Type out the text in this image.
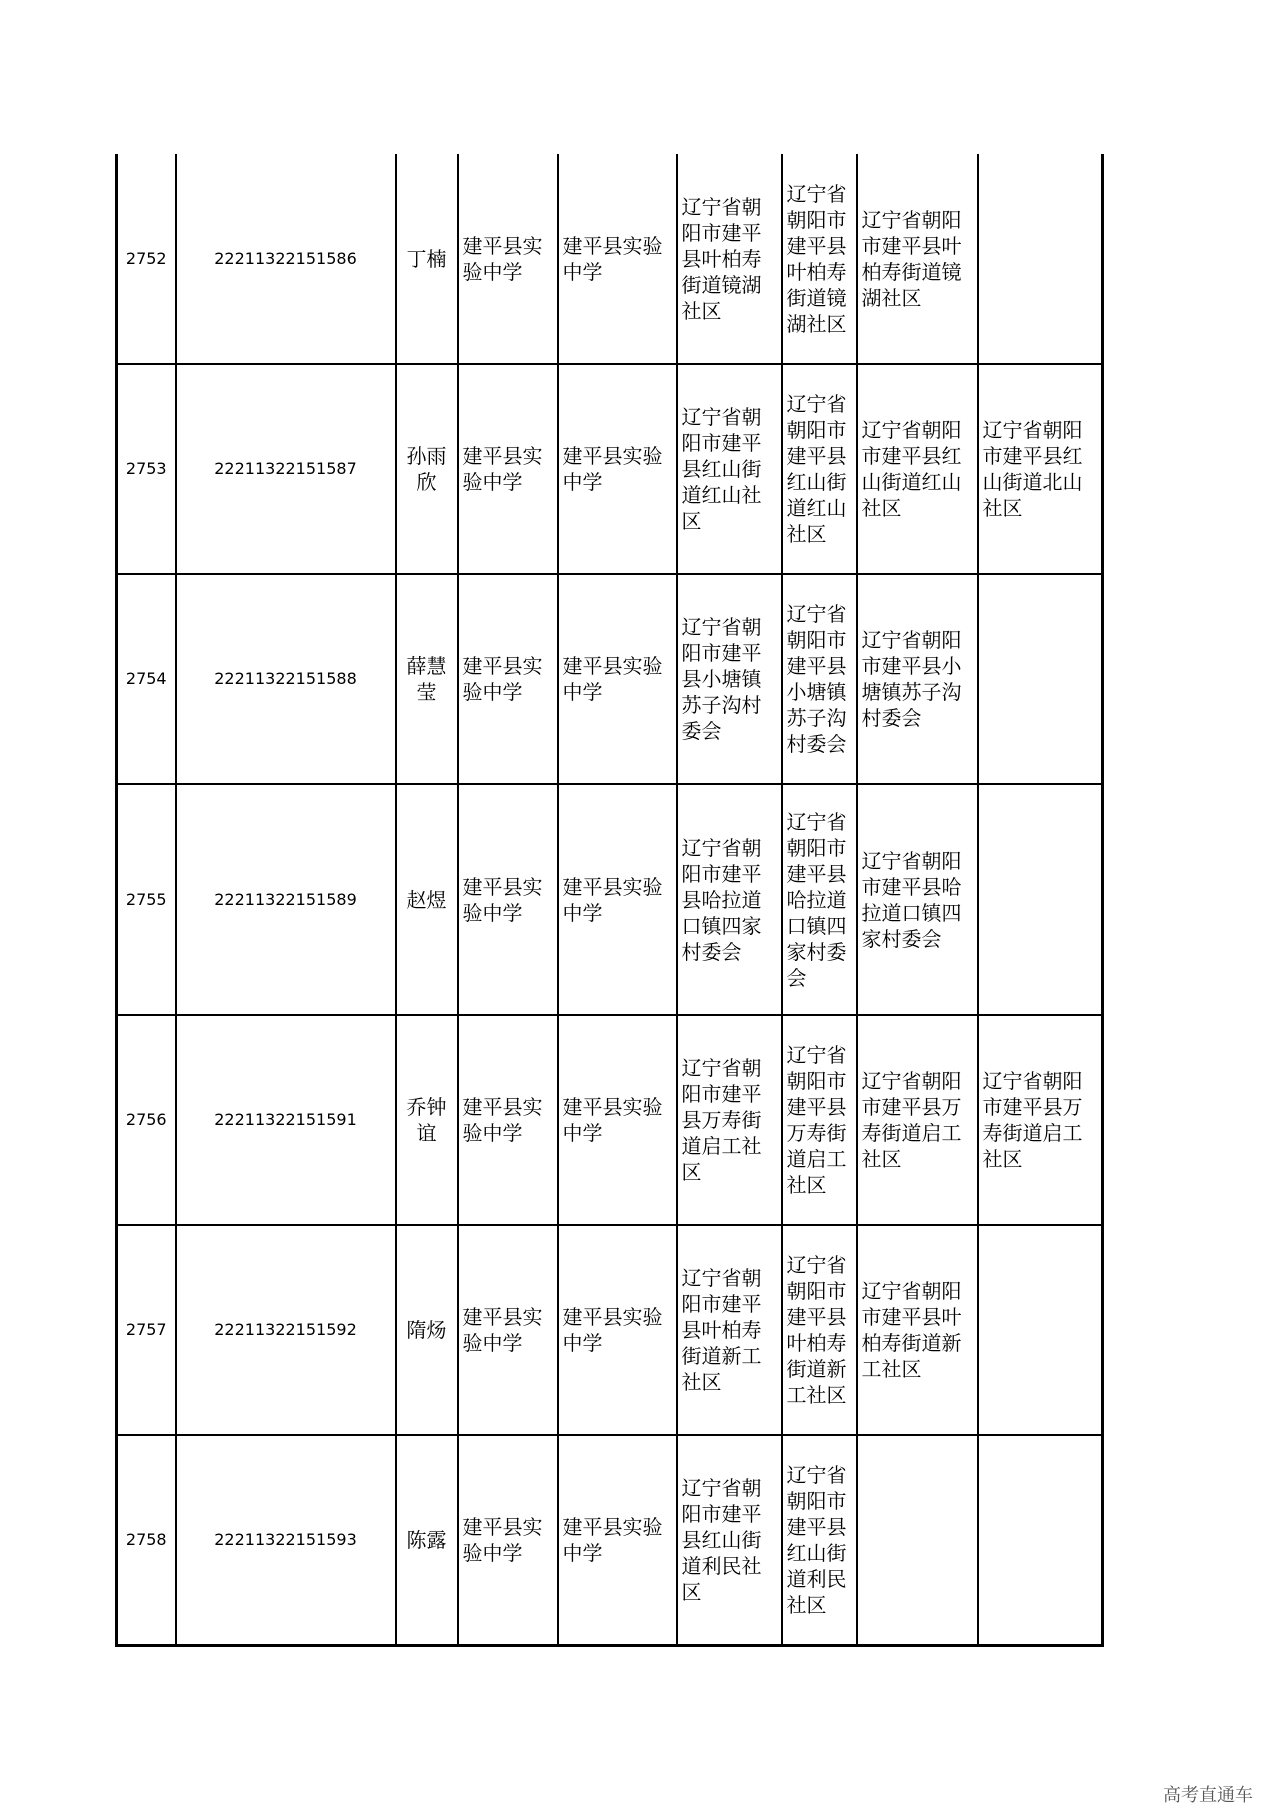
2752	22211322151586	丁楠	建平县实验中学	建平县实验中学	辽宁省朝阳市建平县叶柏寿街道镜湖社区	辽宁省朝阳市建平县叶柏寿街道镜湖社区	辽宁省朝阳市建平县叶柏寿街道镜湖社区	
2753	22211322151587	孙雨欣	建平县实验中学	建平县实验中学	辽宁省朝阳市建平县红山街道红山社区	辽宁省朝阳市建平县红山街道红山社区	辽宁省朝阳市建平县红山街道红山社区	辽宁省朝阳市建平县红山街道北山社区
2754	22211322151588	薛慧莹	建平县实验中学	建平县实验中学	辽宁省朝阳市建平县小塘镇苏子沟村委会	辽宁省朝阳市建平县小塘镇苏子沟村委会	辽宁省朝阳市建平县小塘镇苏子沟村委会	
2755	22211322151589	赵煜	建平县实验中学	建平县实验中学	辽宁省朝阳市建平县哈拉道口镇四家村委会	辽宁省朝阳市建平县哈拉道口镇四家村委会	辽宁省朝阳市建平县哈拉道口镇四家村委会	
2756	22211322151591	乔钟谊	建平县实验中学	建平县实验中学	辽宁省朝阳市建平县万寿街道启工社区	辽宁省朝阳市建平县万寿街道启工社区	辽宁省朝阳市建平县万寿街道启工社区	辽宁省朝阳市建平县万寿街道启工社区
2757	22211322151592	隋炀	建平县实验中学	建平县实验中学	辽宁省朝阳市建平县叶柏寿街道新工社区	辽宁省朝阳市建平县叶柏寿街道新工社区	辽宁省朝阳市建平县叶柏寿街道新工社区	
2758	22211322151593	陈露	建平县实验中学	建平县实验中学	辽宁省朝阳市建平县红山街道利民社区	辽宁省朝阳市建平县红山街道利民社区		
高考直通车
